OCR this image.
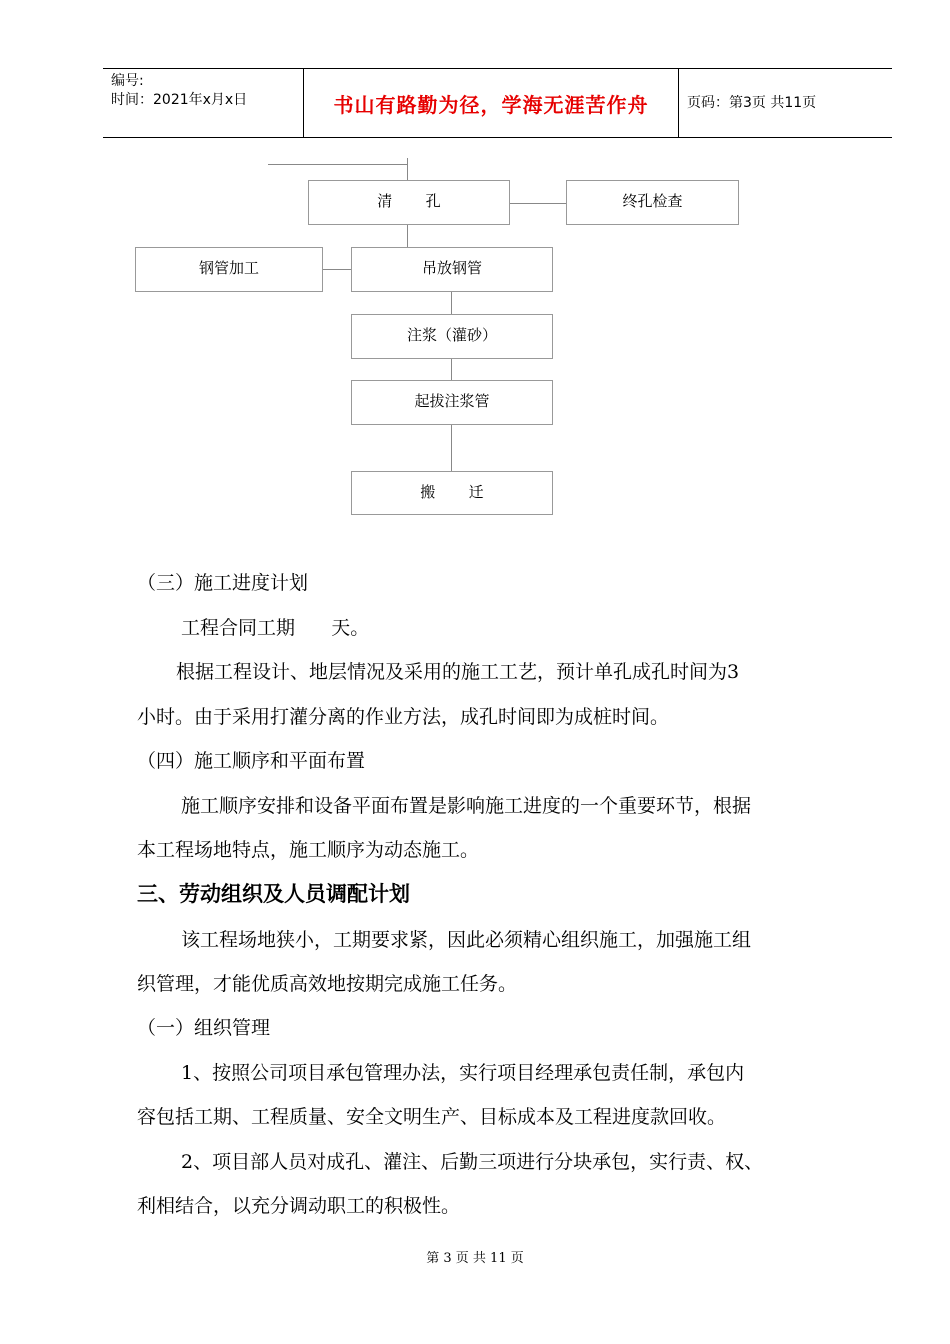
编号:
时间：2021年x月x日	书山有路勤为径，学海无涯苦作舟	页码：第3页 共11页
清       孔	终孔检查
钢管加工	吊放钢管
注浆（灌砂）
起拔注浆管
搬       迁
（三）施工进度计划
工程合同工期      天。
根据工程设计、地层情况及采用的施工工艺，预计单孔成孔时间为3
小时。由于采用打灌分离的作业方法，成孔时间即为成桩时间。
（四）施工顺序和平面布置
施工顺序安排和设备平面布置是影响施工进度的一个重要环节，根据
本工程场地特点，施工顺序为动态施工。
三、劳动组织及人员调配计划
该工程场地狭小，工期要求紧，因此必须精心组织施工，加强施工组
织管理，才能优质高效地按期完成施工任务。
（一）组织管理
1、按照公司项目承包管理办法，实行项目经理承包责任制，承包内
容包括工期、工程质量、安全文明生产、目标成本及工程进度款回收。
2、项目部人员对成孔、灌注、后勤三项进行分块承包，实行责、权、
利相结合，以充分调动职工的积极性。
第 3 页 共 11 页
